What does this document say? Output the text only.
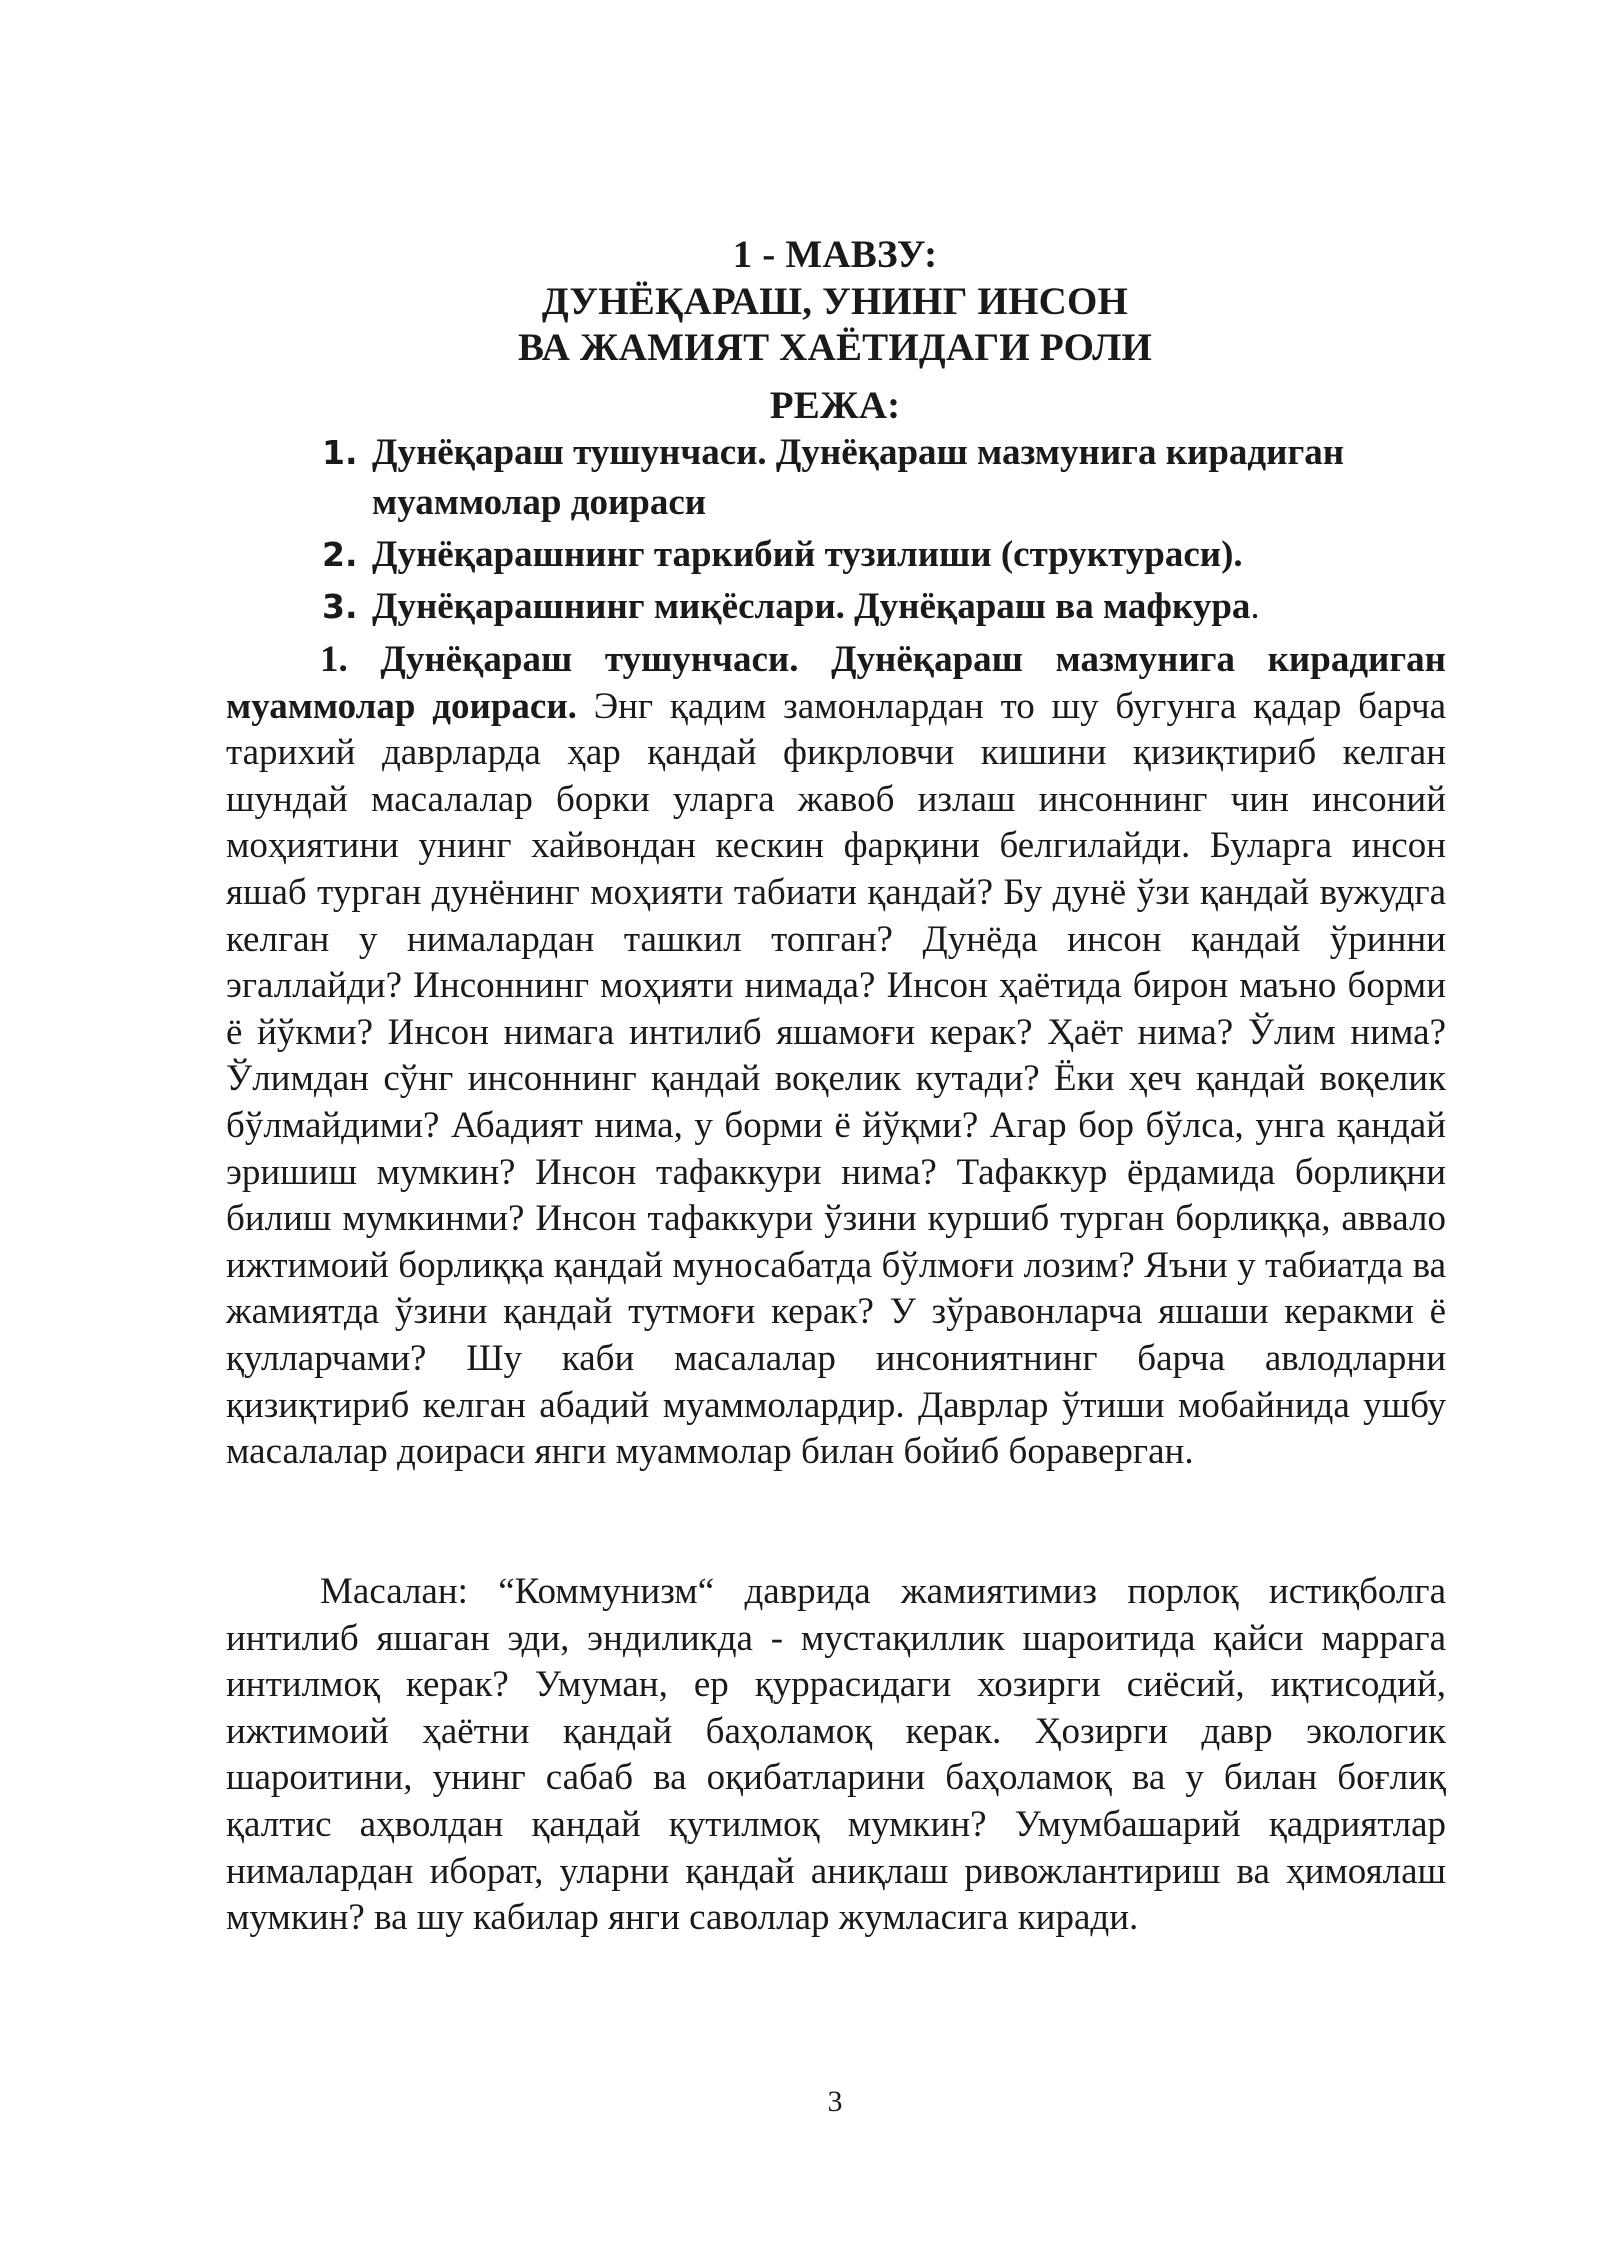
1 - МАВЗУ:
ДУНЁҚАРАШ, УНИНГ ИНСОН
ВА ЖАМИЯТ ХАЁТИДАГИ РОЛИ
РЕЖА:
1. Дунёқараш тушунчаси. Дунёқараш мазмунига кирадиган муаммолар доираси
2. Дунёқарашнинг таркибий тузилиши (структураси).
3. Дунёқарашнинг миқёслари. Дунёқараш ва мафкура.

1. Дунёқараш тушунчаси. Дунёқараш мазмунига кирадиган муаммолар доираси. Энг қадим замонлардан то шу бугунга қадар барча тарихий даврларда ҳар қандай фикрловчи кишини қизиқтириб келган шундай масалалар борки уларга жавоб излаш инсоннинг чин инсоний моҳиятини унинг хайвондан кескин фарқини белгилайди. Буларга инсон яшаб турган дунёнинг моҳияти табиати қандай? Бу дунё ўзи қандай вужудга келган у нималардан ташкил топган? Дунёда инсон қандай ўринни эгаллайди? Инсоннинг моҳияти нимада? Инсон ҳаётида бирон маъно борми ё йўкми? Инсон нимага интилиб яшамоғи керак? Ҳаёт нима? Ўлим нима? Ўлимдан сўнг инсоннинг қандай воқелик кутади? Ёки ҳеч қандай воқелик бўлмайдими? Абадият нима, у борми ё йўқми? Агар бор бўлса, унга қандай эришиш мумкин? Инсон тафаккури нима? Тафаккур ёрдамида борлиқни билиш мумкинми? Инсон тафаккури ўзини куршиб турган борлиққа, аввало ижтимоий борлиққа қандай муносабатда бўлмоғи лозим? Яъни у табиатда ва жамиятда ўзини қандай тутмоғи керак? У зўравонларча яшаши керакми ё қулларчами? Шу каби масалалар инсониятнинг барча авлодларни қизиқтириб келган абадий муаммолардир. Даврлар ўтиши мобайнида ушбу масалалар доираси янги муаммолар билан бойиб бораверган.

Масалан: “Коммунизм“ даврида жамиятимиз порлоқ истиқболга интилиб яшаган эди, эндиликда - мустақиллик шароитида қайси маррага интилмоқ керак? Умуман, ер қуррасидаги хозирги сиёсий, иқтисодий, ижтимоий ҳаётни қандай баҳоламоқ керак. Ҳозирги давр экологик шароитини, унинг сабаб ва оқибатларини баҳоламоқ ва у билан боғлиқ қалтис аҳволдан қандай қутилмоқ мумкин? Умумбашарий қадриятлар нималардан иборат, уларни қандай аниқлаш ривожлантириш ва ҳимоялаш мумкин? ва шу кабилар янги саволлар жумласига киради.

3
